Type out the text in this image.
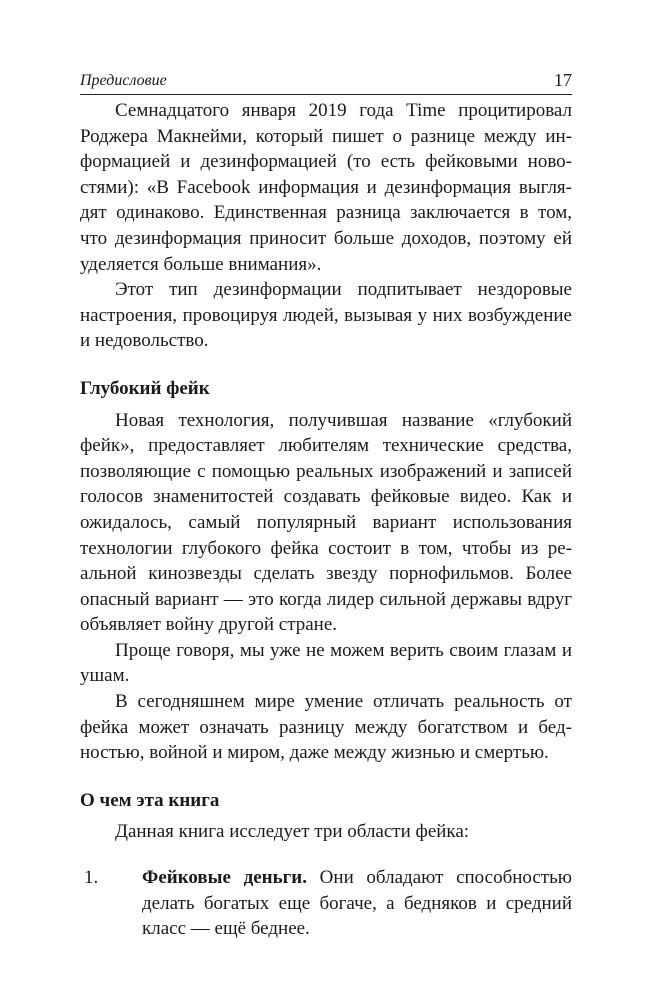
Предисловие	17

Семнадцатого января 2019 года Time процитировал Роджера Макнейми, который пишет о разнице между информацией и дезинформацией (то есть фейковыми новостями): «В Facebook информация и дезинформация выглядят одинаково. Единственная разница заключается в том, что дезинформация приносит больше доходов, поэтому ей уделяется больше внимания».

Этот тип дезинформации подпитывает нездоровые настроения, провоцируя людей, вызывая у них возбуждение и недовольство.

Глубокий фейк

Новая технология, получившая название «глубокий фейк», предоставляет любителям технические средства, позволяющие с помощью реальных изображений и записей голосов знаменитостей создавать фейковые видео. Как и ожидалось, самый популярный вариант использования технологии глубокого фейка состоит в том, чтобы из реальной кинозвезды сделать звезду порнофильмов. Более опасный вариант — это когда лидер сильной державы вдруг объявляет войну другой стране.

Проще говоря, мы уже не можем верить своим глазам и ушам.

В сегодняшнем мире умение отличать реальность от фейка может означать разницу между богатством и бедностью, войной и миром, даже между жизнью и смертью.

О чем эта книга

Данная книга исследует три области фейка:

1.	Фейковые деньги. Они обладают способностью делать богатых еще богаче, а бедняков и средний класс — ещё беднее.
